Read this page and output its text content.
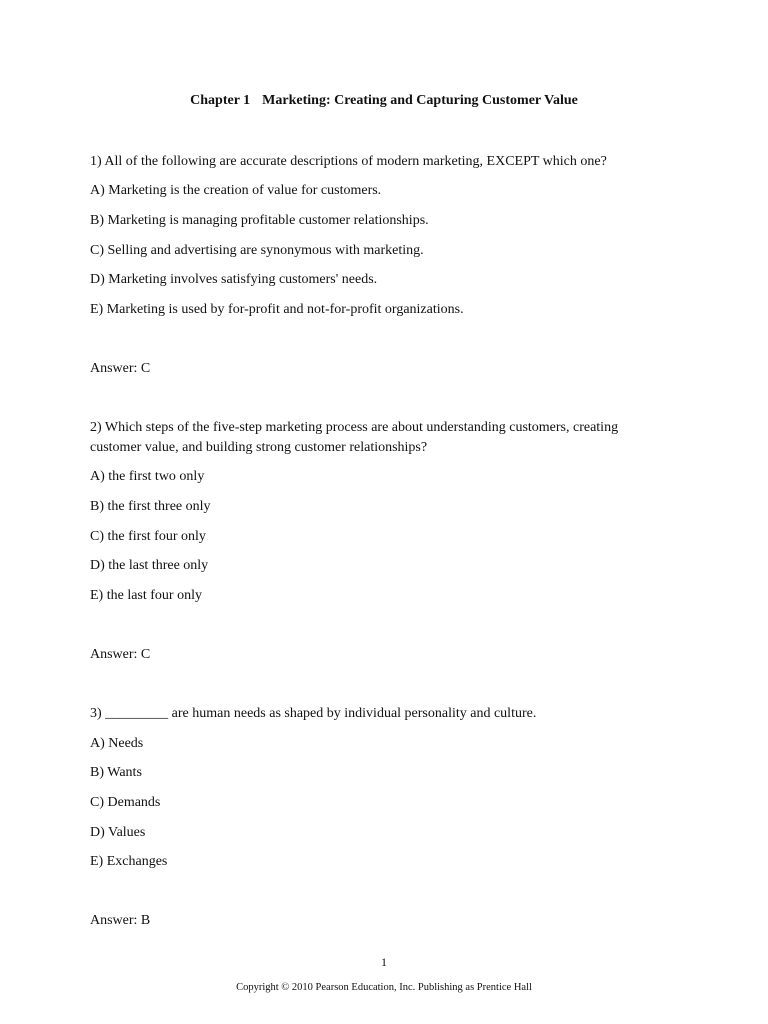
Chapter 1 Marketing: Creating and Capturing Customer Value
1) All of the following are accurate descriptions of modern marketing, EXCEPT which one?
A) Marketing is the creation of value for customers.
B) Marketing is managing profitable customer relationships.
C) Selling and advertising are synonymous with marketing.
D) Marketing involves satisfying customers' needs.
E) Marketing is used by for-profit and not-for-profit organizations.
Answer: C
2) Which steps of the five-step marketing process are about understanding customers, creating
customer value, and building strong customer relationships?
A) the first two only
B) the first three only
C) the first four only
D) the last three only
E) the last four only
Answer: C
3) _________ are human needs as shaped by individual personality and culture.
A) Needs
B) Wants
C) Demands
D) Values
E) Exchanges
Answer: B
1
Copyright © 2010 Pearson Education, Inc. Publishing as Prentice Hall
